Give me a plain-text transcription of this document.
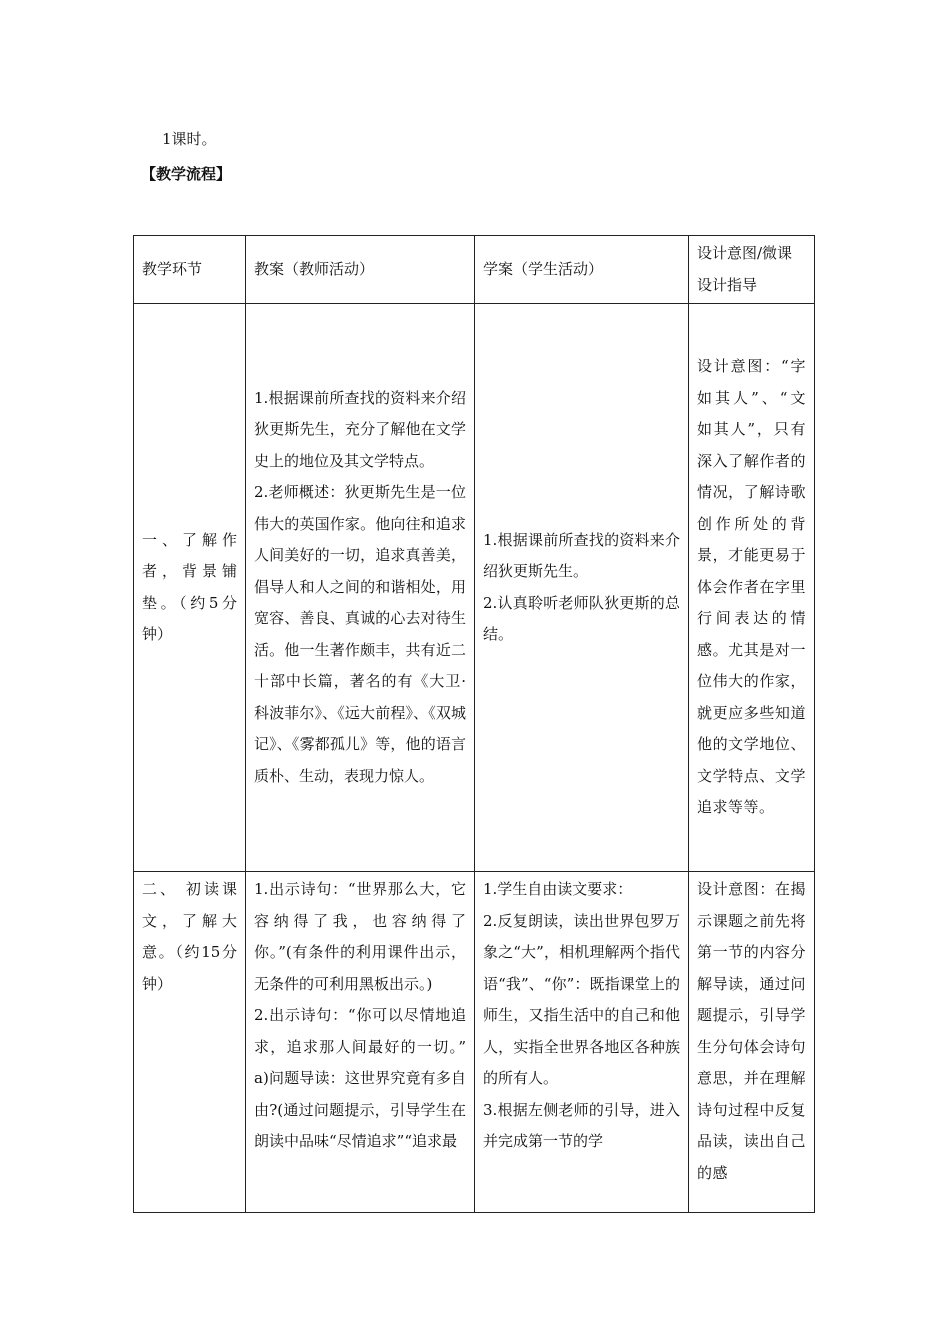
1课时。
【教学流程】
教学环节	教案（教师活动）	学案（学生活动）	设计意图/微课设计指导

一、了解作者，背景铺垫。（约5分钟）	1.根据课前所查找的资料来介绍狄更斯先生，充分了解他在文学史上的地位及其文学特点。
2.老师概述：狄更斯先生是一位伟大的英国作家。他向往和追求人间美好的一切，追求真善美，倡导人和人之间的和谐相处，用宽容、善良、真诚的心去对待生活。他一生著作颇丰，共有近二十部中长篇，著名的有《大卫·科波菲尔》、《远大前程》、《双城记》、《雾都孤儿》等，他的语言质朴、生动，表现力惊人。	1.根据课前所查找的资料来介绍狄更斯先生。
2.认真聆听老师队狄更斯的总结。	设计意图：“字如其人”、“文如其人”，只有深入了解作者的情况，了解诗歌创作所处的背景，才能更易于体会作者在字里行间表达的情感。尤其是对一位伟大的作家，就更应多些知道他的文学地位、文学特点、文学追求等等。

二、 初读课文，了解大意。（约15分钟）	1.出示诗句：“世界那么大，它容纳得了我，也容纳得了你。”(有条件的利用课件出示，无条件的可利用黑板出示。)
2.出示诗句：“你可以尽情地追求，追求那人间最好的一切。” a)问题导读：这世界究竟有多自由?(通过问题提示，引导学生在朗读中品味“尽情追求”“追求最	1.学生自由读文要求：
2.反复朗读，读出世界包罗万象之“大”，相机理解两个指代语“我”、“你”：既指课堂上的师生，又指生活中的自己和他人，实指全世界各地区各种族的所有人。
3.根据左侧老师的引导，进入并完成第一节的学	设计意图：在揭示课题之前先将第一节的内容分解导读，通过问题提示，引导学生分句体会诗句意思，并在理解诗句过程中反复品读，读出自己的感
